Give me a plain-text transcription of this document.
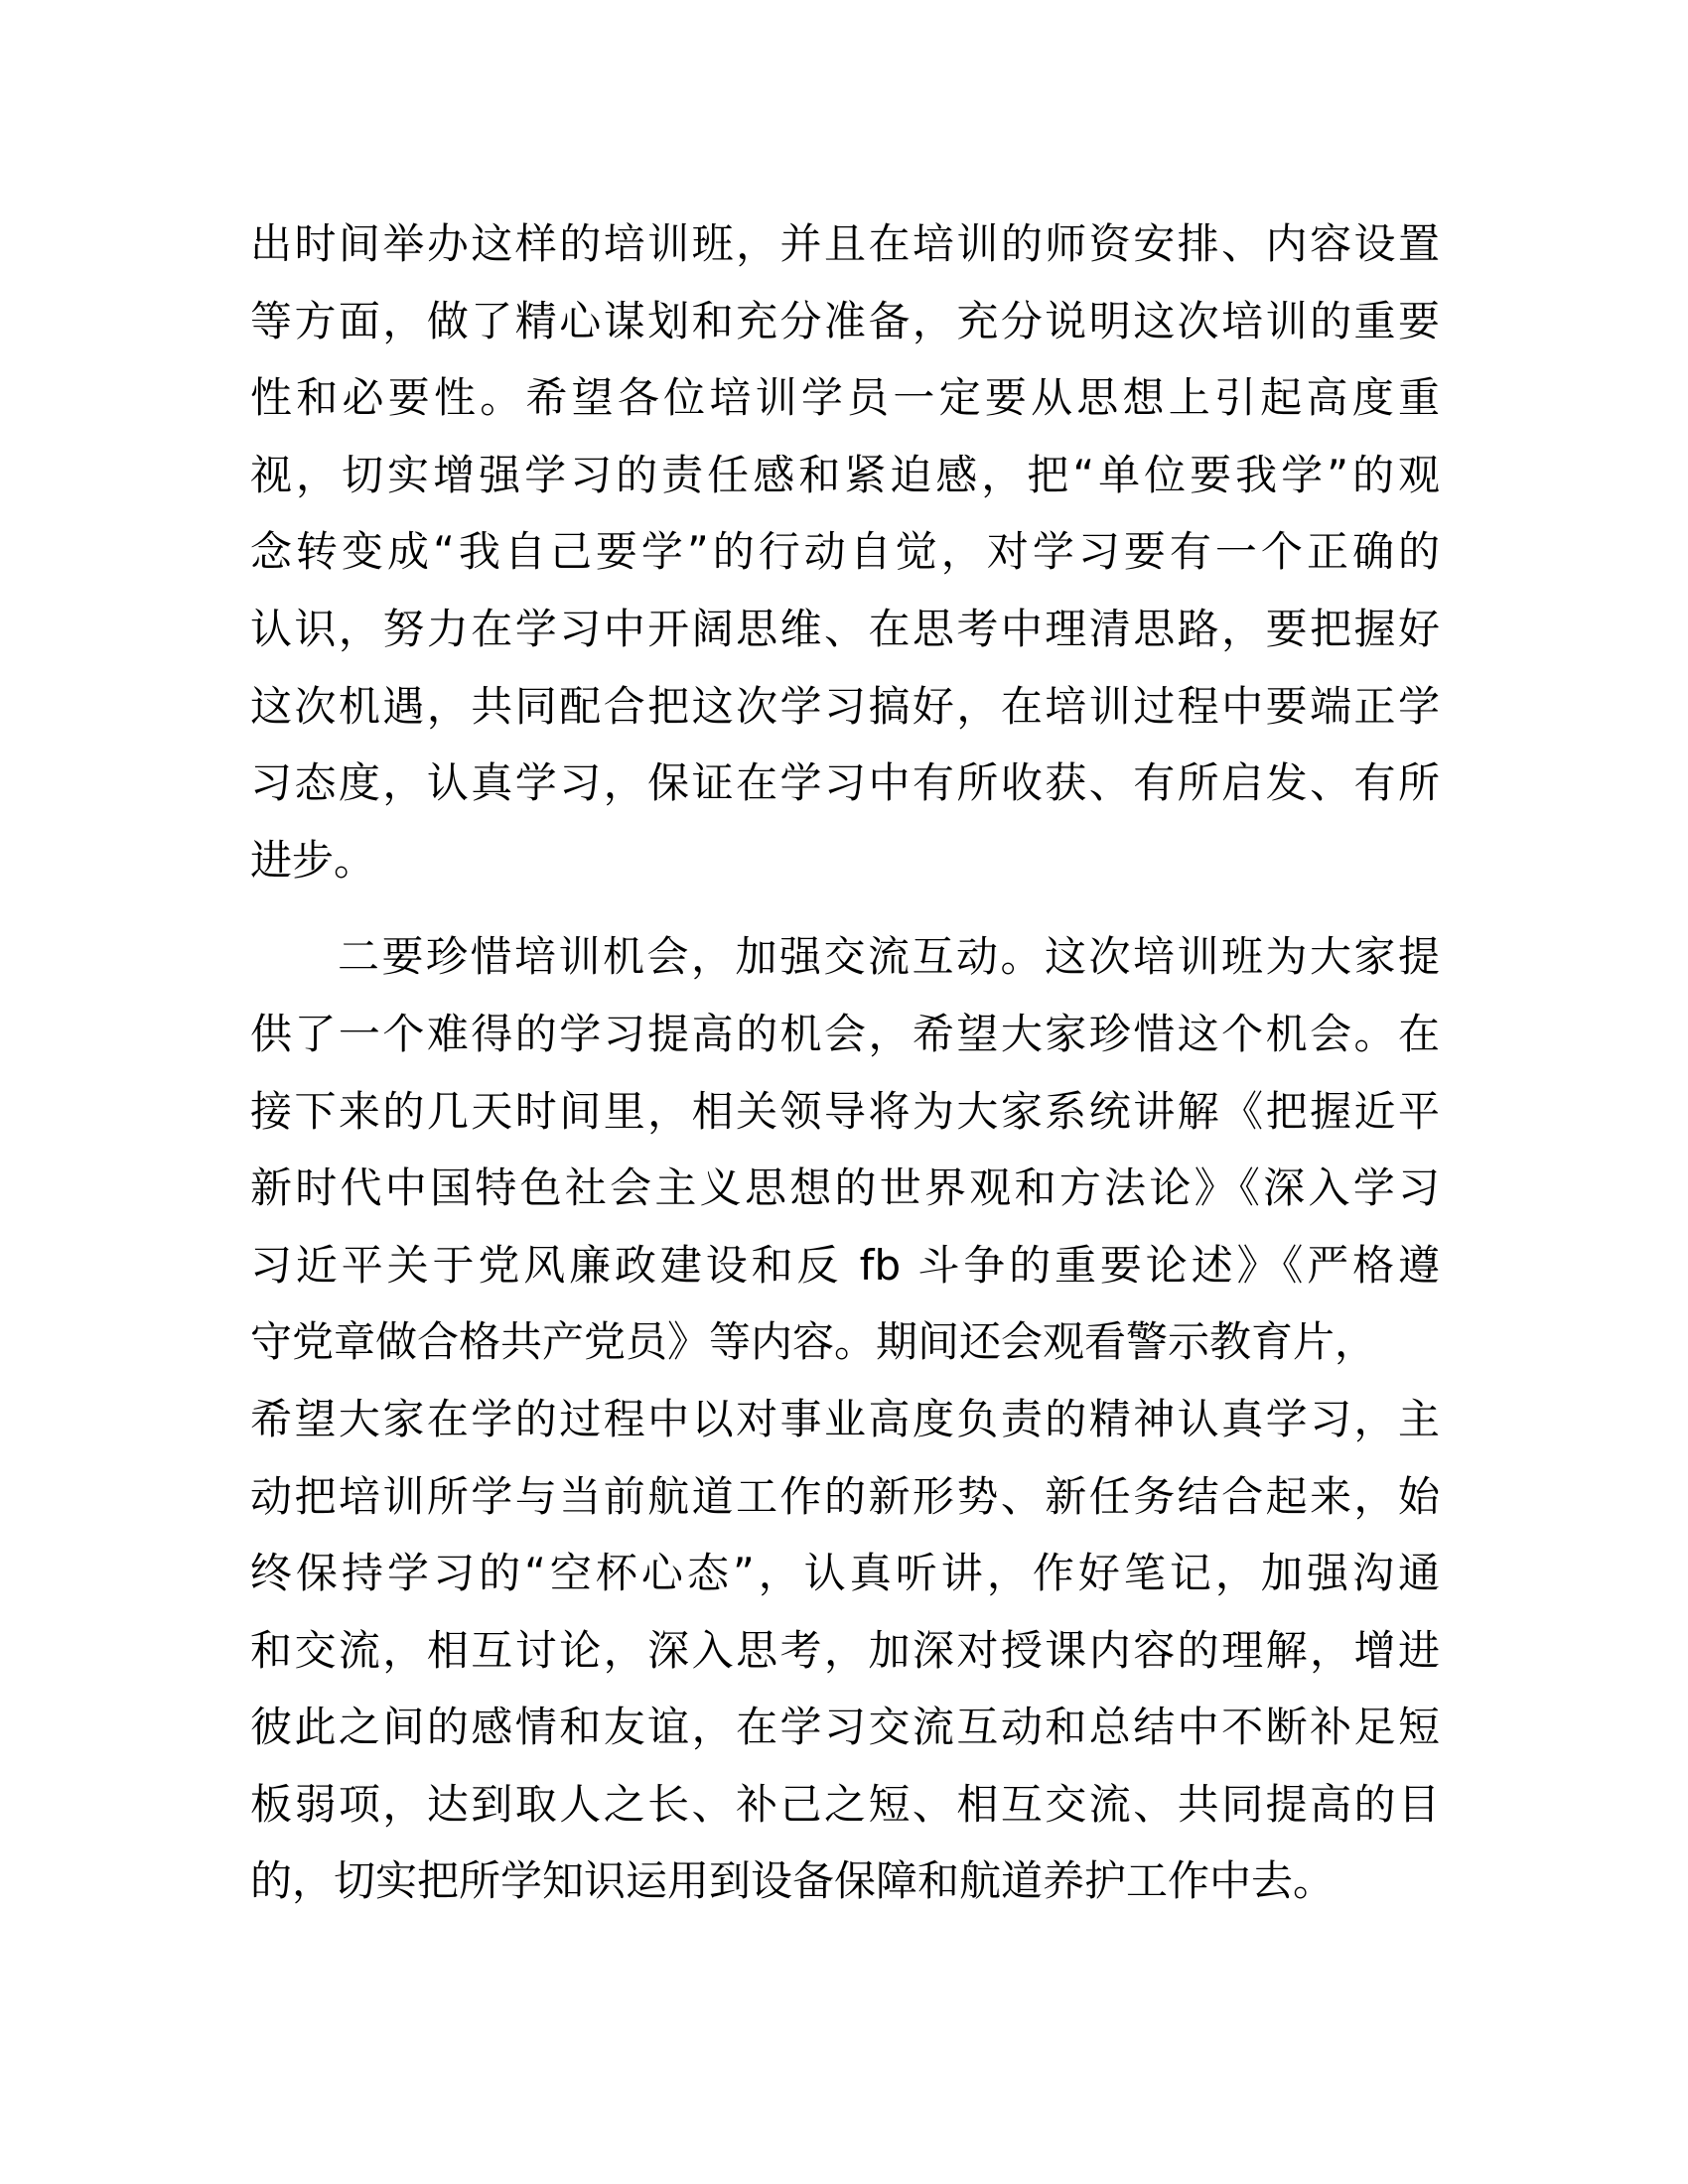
出时间举办这样的培训班，并且在培训的师资安排、内容设置
等方面，做了精心谋划和充分准备，充分说明这次培训的重要
性和必要性。希望各位培训学员一定要从思想上引起高度重
视，切实增强学习的责任感和紧迫感，把“单位要我学”的观
念转变成“我自己要学”的行动自觉，对学习要有一个正确的
认识，努力在学习中开阔思维、在思考中理清思路，要把握好
这次机遇，共同配合把这次学习搞好，在培训过程中要端正学
习态度，认真学习，保证在学习中有所收获、有所启发、有所
进步。
二要珍惜培训机会，加强交流互动。这次培训班为大家提
供了一个难得的学习提高的机会，希望大家珍惜这个机会。在
接下来的几天时间里，相关领导将为大家系统讲解《把握近平
新时代中国特色社会主义思想的世界观和方法论》《深入学习
习近平关于党风廉政建设和反 fb 斗争的重要论述》《严格遵
守党章做合格共产党员》等内容。期间还会观看警示教育片，
希望大家在学的过程中以对事业高度负责的精神认真学习，主
动把培训所学与当前航道工作的新形势、新任务结合起来，始
终保持学习的“空杯心态”，认真听讲，作好笔记，加强沟通
和交流，相互讨论，深入思考，加深对授课内容的理解，增进
彼此之间的感情和友谊，在学习交流互动和总结中不断补足短
板弱项，达到取人之长、补己之短、相互交流、共同提高的目
的，切实把所学知识运用到设备保障和航道养护工作中去。
